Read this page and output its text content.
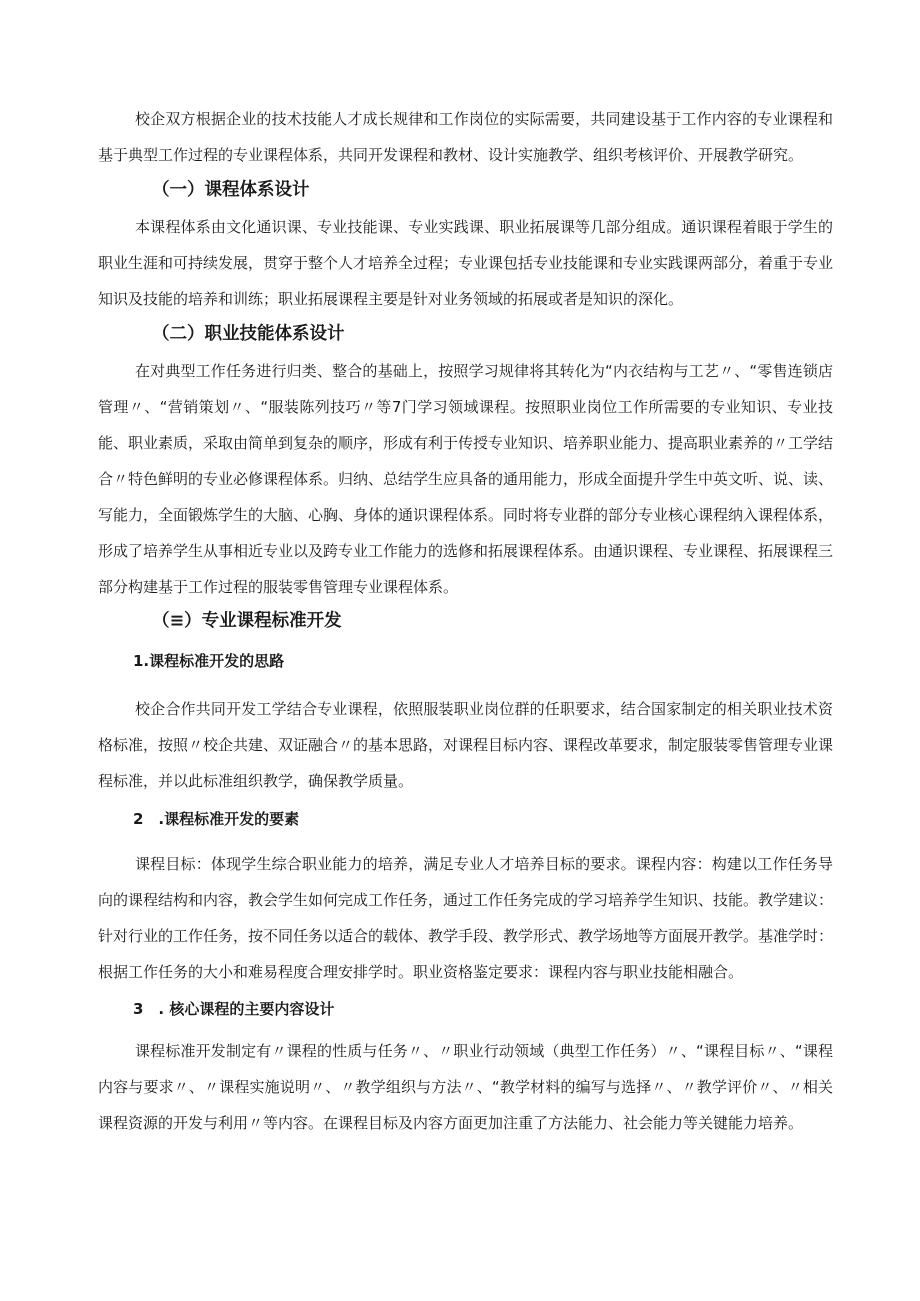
校企双方根据企业的技术技能人才成长规律和工作岗位的实际需要，共同建设基于工作内容的专业课程和基于典型工作过程的专业课程体系，共同开发课程和教材、设计实施教学、组织考核评价、开展教学研究。

（一）课程体系设计

本课程体系由文化通识课、专业技能课、专业实践课、职业拓展课等几部分组成。通识课程着眼于学生的职业生涯和可持续发展，贯穿于整个人才培养全过程；专业课包括专业技能课和专业实践课两部分，着重于专业知识及技能的培养和训练；职业拓展课程主要是针对业务领域的拓展或者是知识的深化。

（二）职业技能体系设计

在对典型工作任务进行归类、整合的基础上，按照学习规律将其转化为“内衣结构与工艺〃、“零售连锁店管理〃、“营销策划〃、“服装陈列技巧〃等7门学习领域课程。按照职业岗位工作所需要的专业知识、专业技能、职业素质，采取由简单到复杂的顺序，形成有利于传授专业知识、培养职业能力、提高职业素养的〃工学结合〃特色鲜明的专业必修课程体系。归纳、总结学生应具备的通用能力，形成全面提升学生中英文听、说、读、写能力，全面锻炼学生的大脑、心胸、身体的通识课程体系。同时将专业群的部分专业核心课程纳入课程体系，形成了培养学生从事相近专业以及跨专业工作能力的选修和拓展课程体系。由通识课程、专业课程、拓展课程三部分构建基于工作过程的服装零售管理专业课程体系。

（≡）专业课程标准开发
1.课程标准开发的思路

校企合作共同开发工学结合专业课程，依照服装职业岗位群的任职要求，结合国家制定的相关职业技术资格标准，按照〃校企共建、双证融合〃的基本思路，对课程目标内容、课程改革要求，制定服装零售管理专业课程标准，并以此标准组织教学，确保教学质量。

2　.课程标准开发的要素

课程目标：体现学生综合职业能力的培养，满足专业人才培养目标的要求。课程内容：构建以工作任务导向的课程结构和内容，教会学生如何完成工作任务，通过工作任务完成的学习培养学生知识、技能。教学建议：针对行业的工作任务，按不同任务以适合的载体、教学手段、教学形式、教学场地等方面展开教学。基准学时：根据工作任务的大小和难易程度合理安排学时。职业资格鉴定要求：课程内容与职业技能相融合。

3　. 核心课程的主要内容设计

课程标准开发制定有〃课程的性质与任务〃、〃职业行动领域（典型工作任务）〃、“课程目标〃、“课程内容与要求〃、〃课程实施说明〃、〃教学组织与方法〃、“教学材料的编写与选择〃、〃教学评价〃、〃相关课程资源的开发与利用〃等内容。在课程目标及内容方面更加注重了方法能力、社会能力等关键能力培养。
